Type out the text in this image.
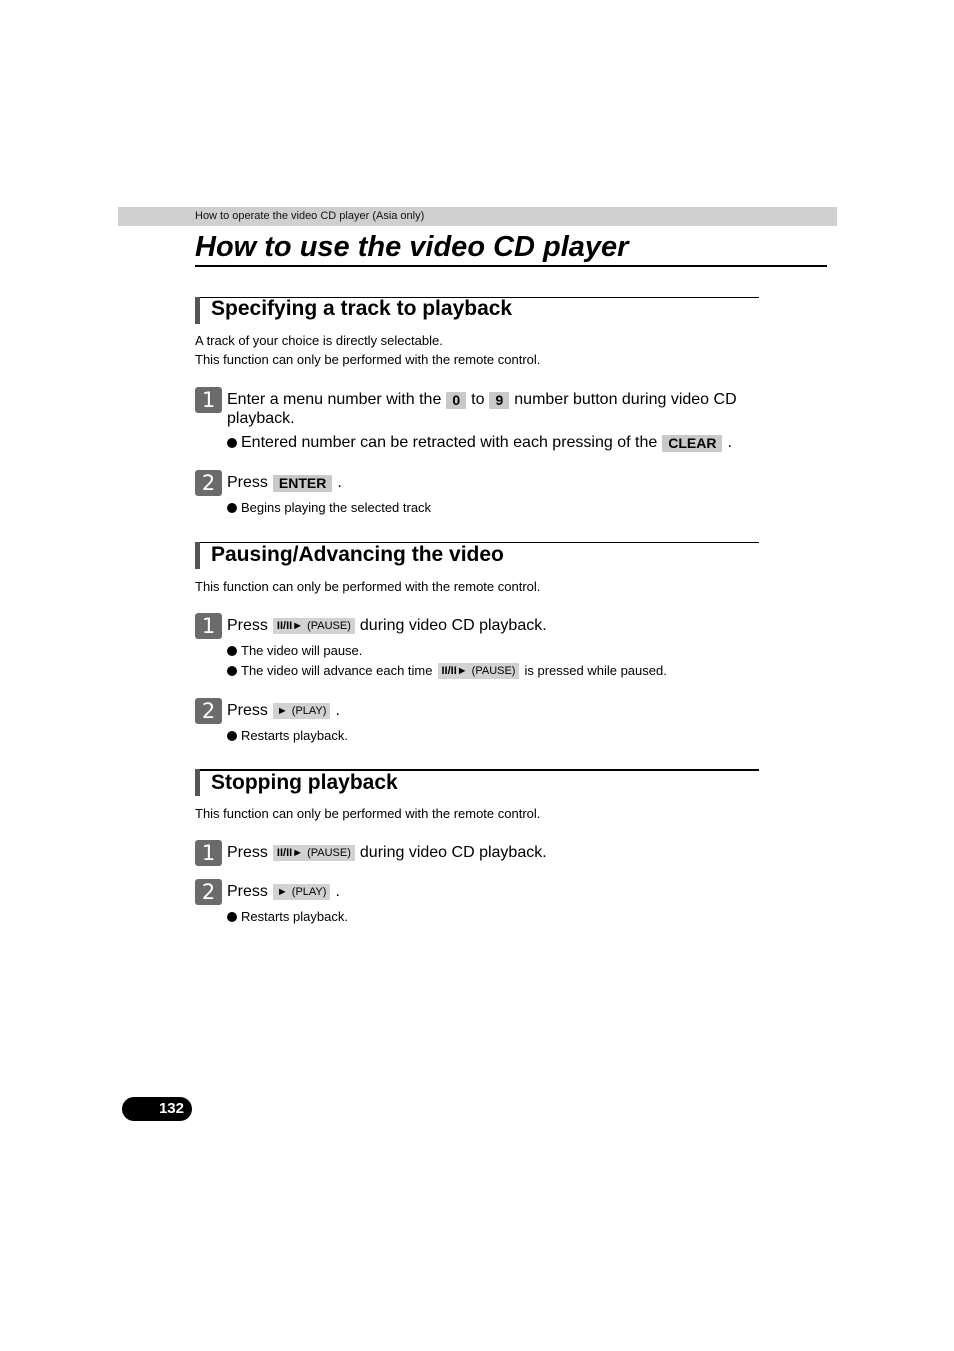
How to operate the video CD player (Asia only)
How to use the video CD player
Specifying a track to playback
A track of your choice is directly selectable.
This function can only be performed with the remote control.
1 Enter a menu number with the 0 to 9 number button during video CD
playback.
Entered number can be retracted with each pressing of the CLEAR .
2 Press ENTER .
Begins playing the selected track
Pausing/Advancing the video
This function can only be performed with the remote control.
1 Press II/II► (PAUSE) during video CD playback.
The video will pause.
The video will advance each time II/II► (PAUSE) is pressed while paused.
2 Press ► (PLAY) .
Restarts playback.
Stopping playback
This function can only be performed with the remote control.
1 Press II/II► (PAUSE) during video CD playback.
2 Press ► (PLAY) .
Restarts playback.
132
